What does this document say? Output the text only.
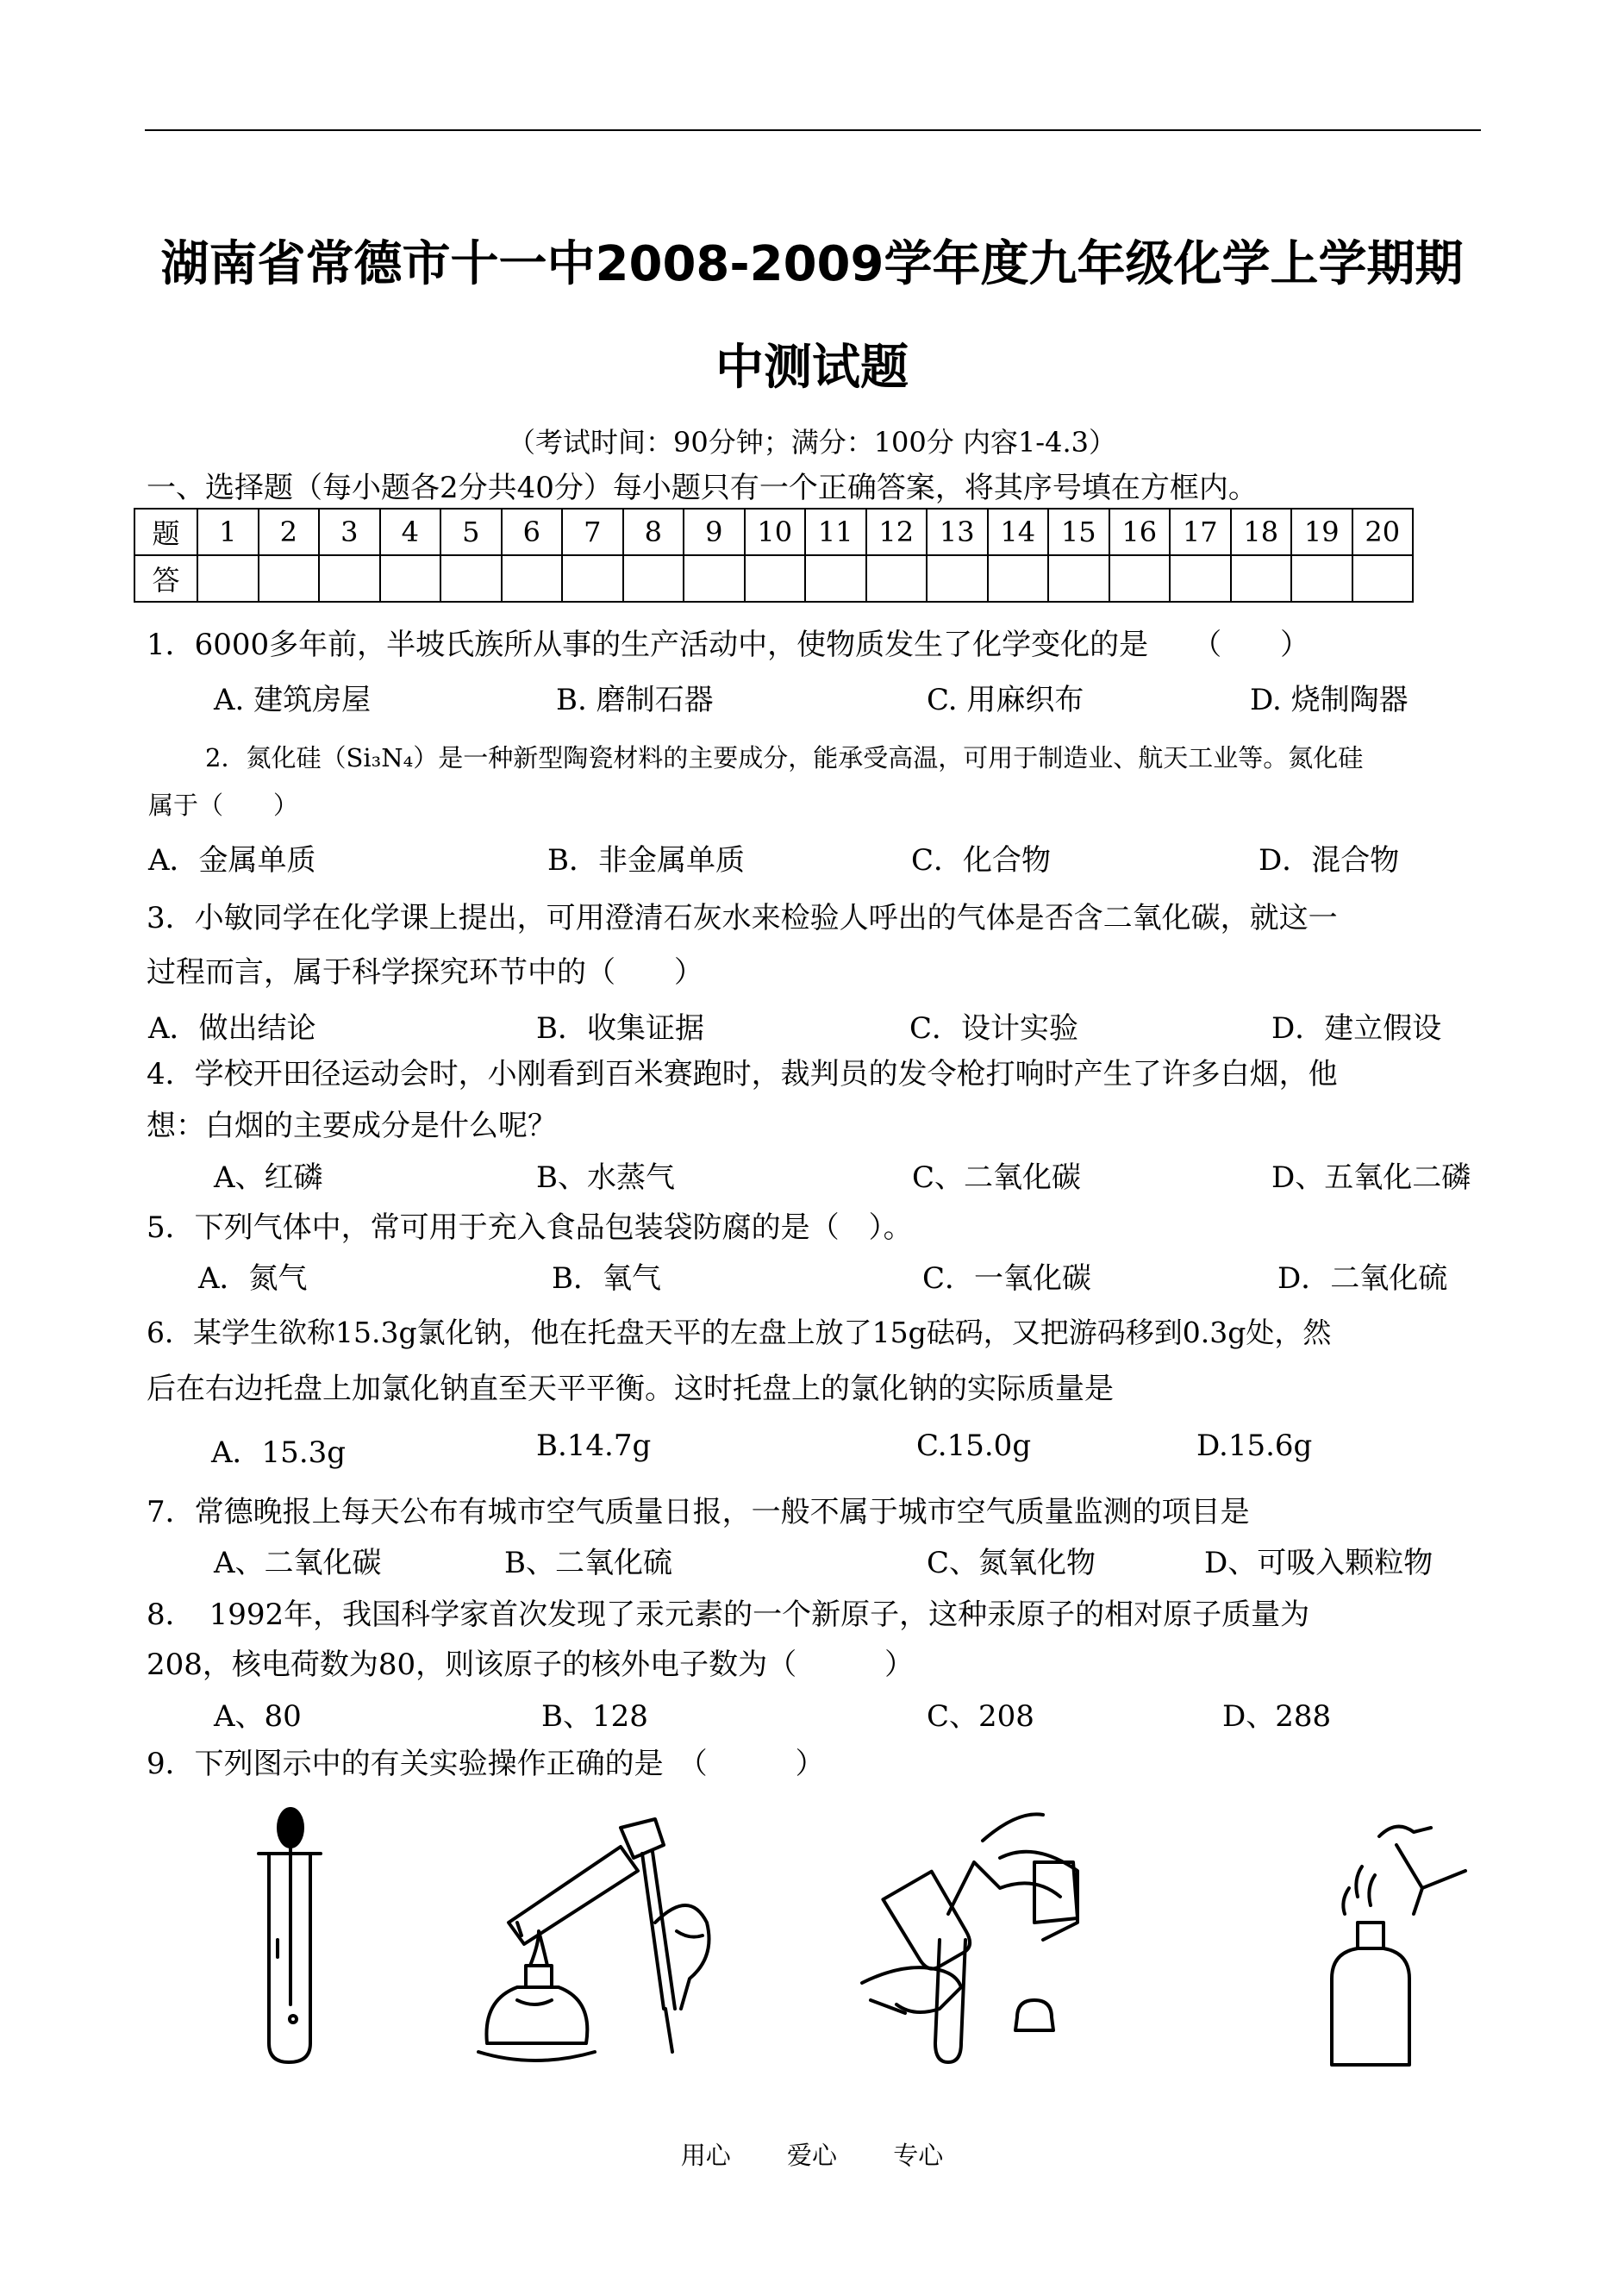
湖南省常德市十一中2008-2009学年度九年级化学上学期期
中测试题
（考试时间：90分钟；满分：100分 内容1-4.3）
一、选择题（每小题各2分共40分）每小题只有一个正确答案，将其序号填在方框内。
题	1	2	3	4	5	6	7	8	9	10	11	12	13	14	15	16	17	18	19	20
答																				
1．6000多年前，半坡氏族所从事的生产活动中，使物质发生了化学变化的是　　（　　）
A. 建筑房屋	B. 磨制石器	C. 用麻织布	D. 烧制陶器
2．氮化硅（Si₃N₄）是一种新型陶瓷材料的主要成分，能承受高温，可用于制造业、航天工业等。氮化硅
属于（　　）
A．金属单质	B．非金属单质	C．化合物	D．混合物
3．小敏同学在化学课上提出，可用澄清石灰水来检验人呼出的气体是否含二氧化碳，就这一
过程而言，属于科学探究环节中的（　　）
A．做出结论	B．收集证据	C．设计实验	D．建立假设
4．学校开田径运动会时，小刚看到百米赛跑时，裁判员的发令枪打响时产生了许多白烟，他
想：白烟的主要成分是什么呢？
A、红磷	B、水蒸气	C、二氧化碳	D、五氧化二磷
5．下列气体中，常可用于充入食品包装袋防腐的是（　）。
A．氮气	B．氧气	C．一氧化碳	D．二氧化硫
6．某学生欲称15.3g氯化钠，他在托盘天平的左盘上放了15g砝码，又把游码移到0.3g处，然
后在右边托盘上加氯化钠直至天平平衡。这时托盘上的氯化钠的实际质量是
A．15.3g	B.14.7g	C.15.0g	D.15.6g
7．常德晚报上每天公布有城市空气质量日报，一般不属于城市空气质量监测的项目是
A、二氧化碳	B、二氧化硫	C、氮氧化物	D、可吸入颗粒物
8．　1992年，我国科学家首次发现了汞元素的一个新原子，这种汞原子的相对原子质量为
208，核电荷数为80，则该原子的核外电子数为（　　　）
A、80	B、128	C、208	D、288
9．下列图示中的有关实验操作正确的是　（　　　）
用心 爱心 专心
